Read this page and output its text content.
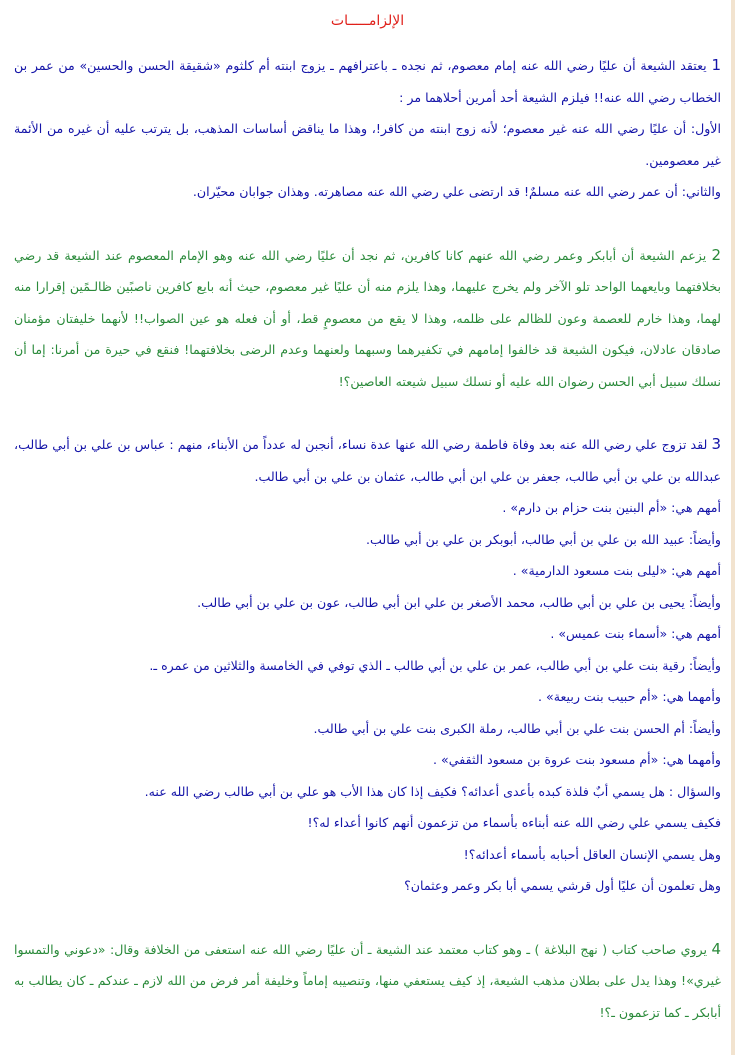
الإلزامـــــات

1 يعتقد الشيعة أن عليًا رضي الله عنه إمام معصوم، ثم نجده ـ باعترافهم ـ يزوج ابنته أم كلثوم «شقيقة الحسن والحسين» من عمر بن الخطاب رضي الله عنه!! فيلزم الشيعة أحد أمرين أحلاهما مر :

الأول: أن عليًا رضي الله عنه غير معصوم؛ لأنه زوج ابنته من كافر!، وهذا ما يناقض أساسات المذهب، بل يترتب عليه أن غيره من الأئمة غير معصومين.

والثاني: أن عمر رضي الله عنه مسلمٌ! قد ارتضى علي رضي الله عنه مصاهرته. وهذان جوابان محيّران.

2 يزعم الشيعة أن أبابكر وعمر رضي الله عنهم كانا كافرين، ثم نجد أن عليًا رضي الله عنه وهو الإمام المعصوم عند الشيعة قد رضي بخلافتهما وبايعهما الواحد تلو الآخر ولم يخرج عليهما، وهذا يلزم منه أن عليًا غير معصوم، حيث أنه بايع كافرين ناصبًين ظالـمًين إقرارا منه لهما، وهذا خارم للعصمة وعون للظالم على ظلمه، وهذا لا يقع من معصومٍ قط، أو أن فعله هو عين الصواب!! لأنهما خليفتان مؤمنان صادقان عادلان، فيكون الشيعة قد خالفوا إمامهم في تكفيرهما وسبهما ولعنهما وعدم الرضى بخلافتهما! فنقع في حيرة من أمرنا: إما أن نسلك سبيل أبي الحسن رضوان الله عليه أو نسلك سبيل شيعته العاصين؟!

3 لقد تزوج علي رضي الله عنه بعد وفاة فاطمة رضي الله عنها عدة نساء، أنجبن له عدداً من الأبناء، منهم : عباس بن علي بن أبي طالب، عبدالله بن علي بن أبي طالب، جعفر بن علي ابن أبي طالب، عثمان بن علي بن أبي طالب.

أمهم هي: «أم البنين بنت حزام بن دارم» .

وأيضاً: عبيد الله بن علي بن أبي طالب، أبوبكر بن علي بن أبي طالب.

أمهم هي: «ليلى بنت مسعود الدارمية» .

وأيضاً: يحيى بن علي بن أبي طالب، محمد الأصغر بن علي ابن أبي طالب، عون بن علي بن أبي طالب.

أمهم هي: «أسماء بنت عميس» .

وأيضاً: رقية بنت علي بن أبي طالب، عمر بن علي بن أبي طالب ـ الذي توفي في الخامسة والثلاثين من عمره ـ.

وأمهما هي: «أم حبيب بنت ربيعة» .

وأيضاً: أم الحسن بنت علي بن أبي طالب، رملة الكبرى بنت علي بن أبي طالب.

وأمهما هي: «أم مسعود بنت عروة بن مسعود الثقفي» .

والسؤال : هل يسمي أبٌ فلذة كبده بأعدى أعدائه؟ فكيف إذا كان هذا الأب هو علي بن أبي طالب رضي الله عنه.

فكيف يسمي علي رضي الله عنه أبناءه بأسماء من تزعمون أنهم كانوا أعداء له؟!

وهل يسمي الإنسان العاقل أحبابه بأسماء أعدائه؟!

وهل تعلمون أن عليًا أول قرشي يسمي أبا بكر وعمر وعثمان؟

4 يروي صاحب كتاب ( نهج البلاغة ) ـ وهو كتاب معتمد عند الشيعة ـ أن عليًا رضي الله عنه استعفى من الخلافة وقال: «دعوني والتمسوا غيري»! وهذا يدل على بطلان مذهب الشيعة، إذ كيف يستعفي منها، وتنصيبه إماماً وخليفة أمر فرض من الله لازم ـ عندكم ـ كان يطالب به أبابكر ـ كما تزعمون ـ؟!
